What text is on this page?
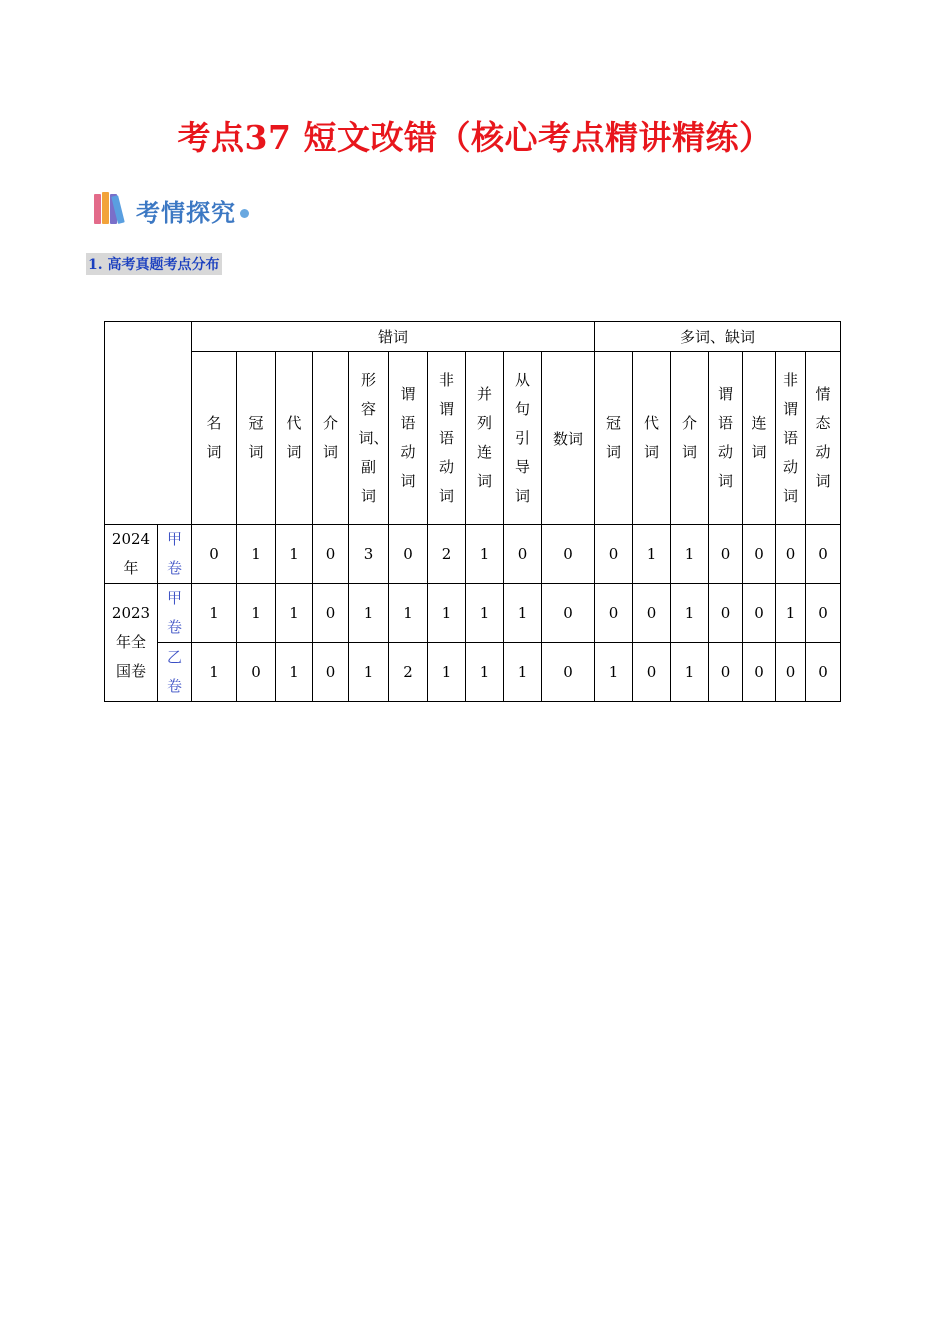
考点37 短文改错（核心考点精讲精练）
考情探究
1. 高考真题考点分布
		错词										多词、缺词						
		名词	冠词	代词	介词	形容词、副词	谓语动词	非谓语动词	并列连词	从句引导词	数词	冠词	代词	介词	谓语动词	连词	非谓语动词	情态动词
2024年	甲卷	0	1	1	0	3	0	2	1	0	0	0	1	1	0	0	0	0
2023年全国卷	甲卷	1	1	1	0	1	1	1	1	1	0	0	0	1	0	0	1	0
	乙卷	1	0	1	0	1	2	1	1	1	0	1	0	1	0	0	0	0
